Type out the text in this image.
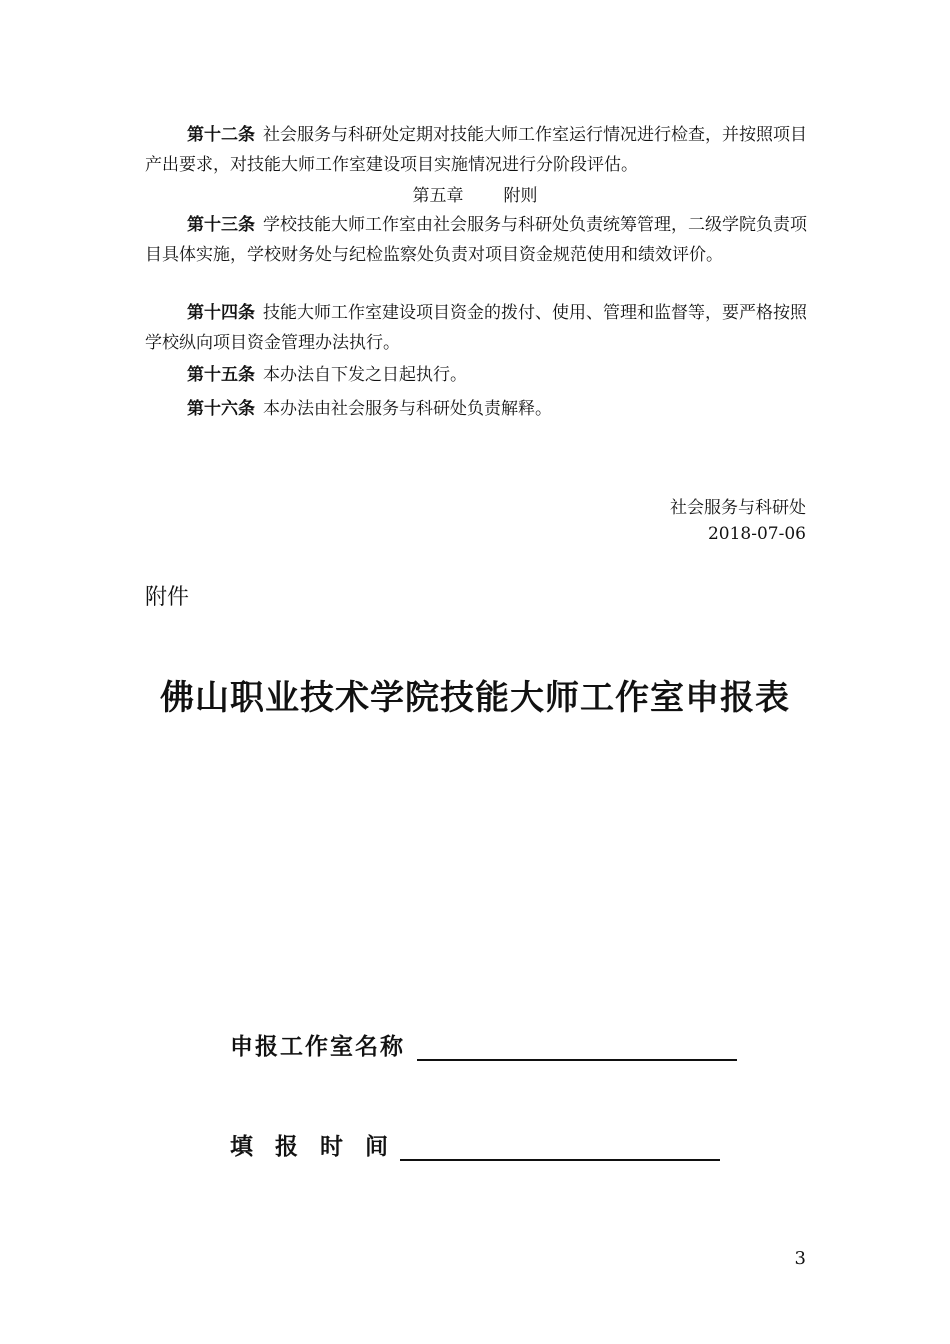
第十二条 社会服务与科研处定期对技能大师工作室运行情况进行检查，并按照项目产出要求，对技能大师工作室建设项目实施情况进行分阶段评估。

第五章 附则

第十三条 学校技能大师工作室由社会服务与科研处负责统筹管理，二级学院负责项目具体实施，学校财务处与纪检监察处负责对项目资金规范使用和绩效评价。

第十四条 技能大师工作室建设项目资金的拨付、使用、管理和监督等，要严格按照学校纵向项目资金管理办法执行。

第十五条 本办法自下发之日起执行。

第十六条 本办法由社会服务与科研处负责解释。

社会服务与科研处
2018-07-06
附件
佛山职业技术学院技能大师工作室申报表
申报工作室名称
填报时间
3
